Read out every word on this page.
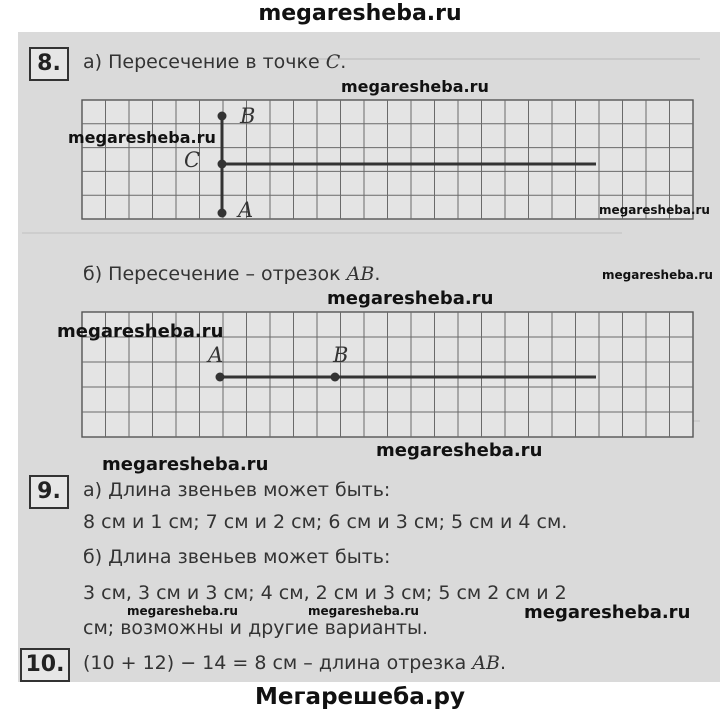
megaresheba.ru
Мегарешеба.ру
8.	а) Пересечение в точке C.
B
C
A
б) Пересечение – отрезок AB.
A	B
9.	а) Длина звеньев может быть:
8 см и 1 см; 7 см и 2 см; 6 см и 3 см; 5 см и 4 см.
б) Длина звеньев может быть:
3 см, 3 см и 3 см; 4 см, 2 см и 3 см; 5 см 2 см и 2
см; возможны и другие варианты.
10. (10 + 12) − 14 = 8 см – длина отрезка AB.
megaresheba.ru
megaresheba.ru
megaresheba.ru
megaresheba.ru
megaresheba.ru
megaresheba.ru
megaresheba.ru
megaresheba.ru
megaresheba.ru	megaresheba.ru	megaresheba.ru
